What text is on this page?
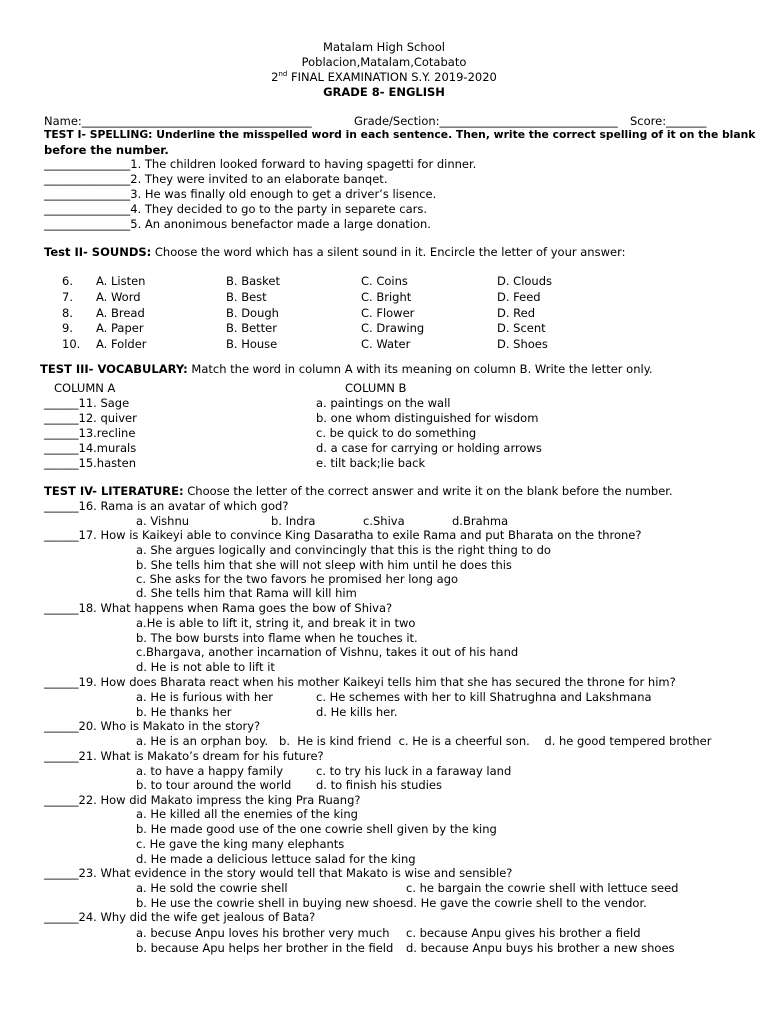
Matalam High School
Poblacion,Matalam,Cotabato
2nd FINAL EXAMINATION S.Y. 2019-2020
GRADE 8- ENGLISH
Name:________________________________________	Grade/Section:_______________________________ Score:_______
TEST I- SPELLING: Underline the misspelled word in each sentence. Then, write the correct spelling of it on the blank
before the number.
_______________1. The children looked forward to having spagetti for dinner.
_______________2. They were invited to an elaborate banqet.
_______________3. He was finally old enough to get a driver’s lisence.
_______________4. They decided to go to the party in separete cars.
_______________5. An anonimous benefactor made a large donation.
Test II- SOUNDS: Choose the word which has a silent sound in it. Encircle the letter of your answer:
6. A. Listen	B. Basket	C. Coins	D. Clouds
7. A. Word	B. Best	C. Bright	D. Feed
8. A. Bread	B. Dough	C. Flower	D. Red
9. A. Paper	B. Better	C. Drawing	D. Scent
10. A. Folder	B. House	C. Water	D. Shoes
TEST III- VOCABULARY: Match the word in column A with its meaning on column B. Write the letter only.
COLUMN A	COLUMN B
______11. Sage	a. paintings on the wall
______12. quiver	b. one whom distinguished for wisdom
______13.recline	c. be quick to do something
______14.murals	d. a case for carrying or holding arrows
______15.hasten	e. tilt back;lie back
TEST IV- LITERATURE: Choose the letter of the correct answer and write it on the blank before the number.
______16. Rama is an avatar of which god?
a. Vishnu	b. Indra	c.Shiva	d.Brahma
______17. How is Kaikeyi able to convince King Dasaratha to exile Rama and put Bharata on the throne?
a. She argues logically and convincingly that this is the right thing to do
b. She tells him that she will not sleep with him until he does this
c. She asks for the two favors he promised her long ago
d. She tells him that Rama will kill him
______18. What happens when Rama goes the bow of Shiva?
a.He is able to lift it, string it, and break it in two
b. The bow bursts into flame when he touches it.
c.Bhargava, another incarnation of Vishnu, takes it out of his hand
d. He is not able to lift it
______19. How does Bharata react when his mother Kaikeyi tells him that she has secured the throne for him?
a. He is furious with her	c. He schemes with her to kill Shatrughna and Lakshmana
b. He thanks her	d. He kills her.
______20. Who is Makato in the story?
a. He is an orphan boy.   b.  He is kind friend  c. He is a cheerful son.    d. he good tempered brother
______21. What is Makato’s dream for his future?
a. to have a happy family	c. to try his luck in a faraway land
b. to tour around the world d. to finish his studies
______22. How did Makato impress the king Pra Ruang?
a. He killed all the enemies of the king
b. He made good use of the one cowrie shell given by the king
c. He gave the king many elephants
d. He made a delicious lettuce salad for the king
______23. What evidence in the story would tell that Makato is wise and sensible?
a. He sold the cowrie shell	c. he bargain the cowrie shell with lettuce seed
b. He use the cowrie shell in buying new shoes d. He gave the cowrie shell to the vendor.
______24. Why did the wife get jealous of Bata?
a. becuse Anpu loves his brother very much c. because Anpu gives his brother a field
b. because Apu helps her brother in the field d. because Anpu buys his brother a new shoes
